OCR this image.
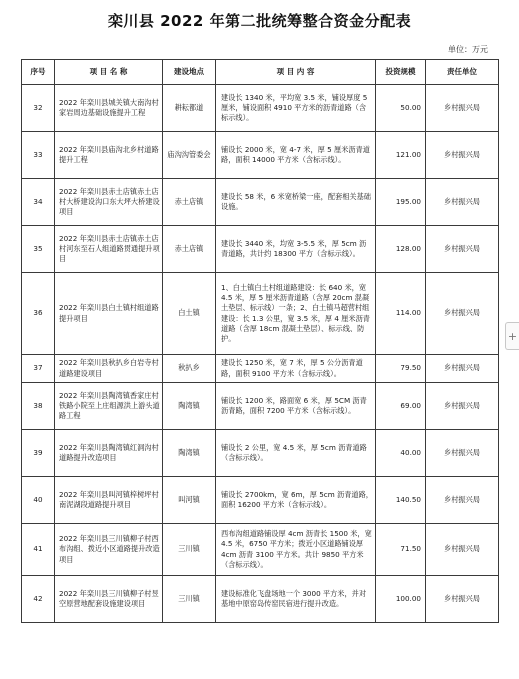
栾川县 2022 年第二批统筹整合资金分配表
单位：万元
序号	项 目 名 称	建设地点	项 目 内 容	投资规模	责任单位
32	2022 年栾川县城关镇大南沟村家岩周边基础设施提升工程	耕耘都道	建设长 1340 米，平均宽 3.5 米，铺设厚度 5 厘米，铺设面积 4910 平方米的沥青道路（含标示线）。	50.00	乡村振兴局
33	2022 年栾川县庙沟北乡村道路提升工程	庙沟沟管委会	铺设长 2000 米，宽 4-7 米，厚 5 厘米沥青道路，面积 14000 平方米（含标示线）。	121.00	乡村振兴局
34	2022 年栾川县赤土店镇赤土店村大桥建设沟口东大坪大桥建设项目	赤土店镇	建设长 58 米，6 米宽桥梁一座，配套相关基础设施。	195.00	乡村振兴局
35	2022 年栾川县赤土店镇赤土店村河东至石人组道路贯通提升项目	赤土店镇	建设长 3440 米，均宽 3-5.5 米，厚 5cm 沥青道路，共计约 18300 平方（含标示线）。	128.00	乡村振兴局
36	2022 年栾川县白土镇村组道路提升项目	白土镇	1、白土镇白土村组道路建设：长 640 米，宽 4.5 米，厚 5 厘米沥青道路（含厚 20cm 混凝土垫层、标示线）一条；2、白土镇马超营村组建设：长 1.3 公里，宽 3.5 米，厚 4 厘米沥青道路（含厚 18cm 混凝土垫层）、标示线、防护。	114.00	乡村振兴局
37	2022 年栾川县秋扒乡白岩寺村道路建设项目	秋扒乡	建设长 1250 米，宽 7 米，厚 5 公分沥青道路，面积 9100 平方米（含标示线）。	79.50	乡村振兴局
38	2022 年栾川县陶湾镇香家庄村铁路小院至上庄组源洪上游头道路工程	陶湾镇	铺设长 1200 米，路面宽 6 米，厚 5CM 沥青沥青路，面积 7200 平方米（含标示线）。	69.00	乡村振兴局
39	2022 年栾川县陶湾镇红洞沟村道路提升改造项目	陶湾镇	铺设长 2 公里，宽 4.5 米，厚 5cm 沥青道路（含标示线）。	40.00	乡村振兴局
40	2022 年栾川县叫河镇梓树坪村南泥湖段道路提升项目	叫河镇	铺设长 2700km，宽 6m，厚 5cm 沥青道路，面积 16200 平方米（含标示线）。	140.50	乡村振兴局
41	2022 年栾川县三川镇柳子村西布沟组、拨近小区道路提升改造项目	三川镇	西布沟组道路铺设厚 4cm 沥青长 1500 米，宽 4.5 米，6750 平方米；拨近小区道路铺设厚 4cm 沥青 3100 平方米。共计 9850 平方米（含标示线）。	71.50	乡村振兴局
42	2022 年栾川县三川镇柳子村昱空原营地配套设施建设项目	三川镇	建设标准化飞盘场地一个 3000 平方米，并对基地中原窑岛传窑民宿进行提升改造。	100.00	乡村振兴局
+
